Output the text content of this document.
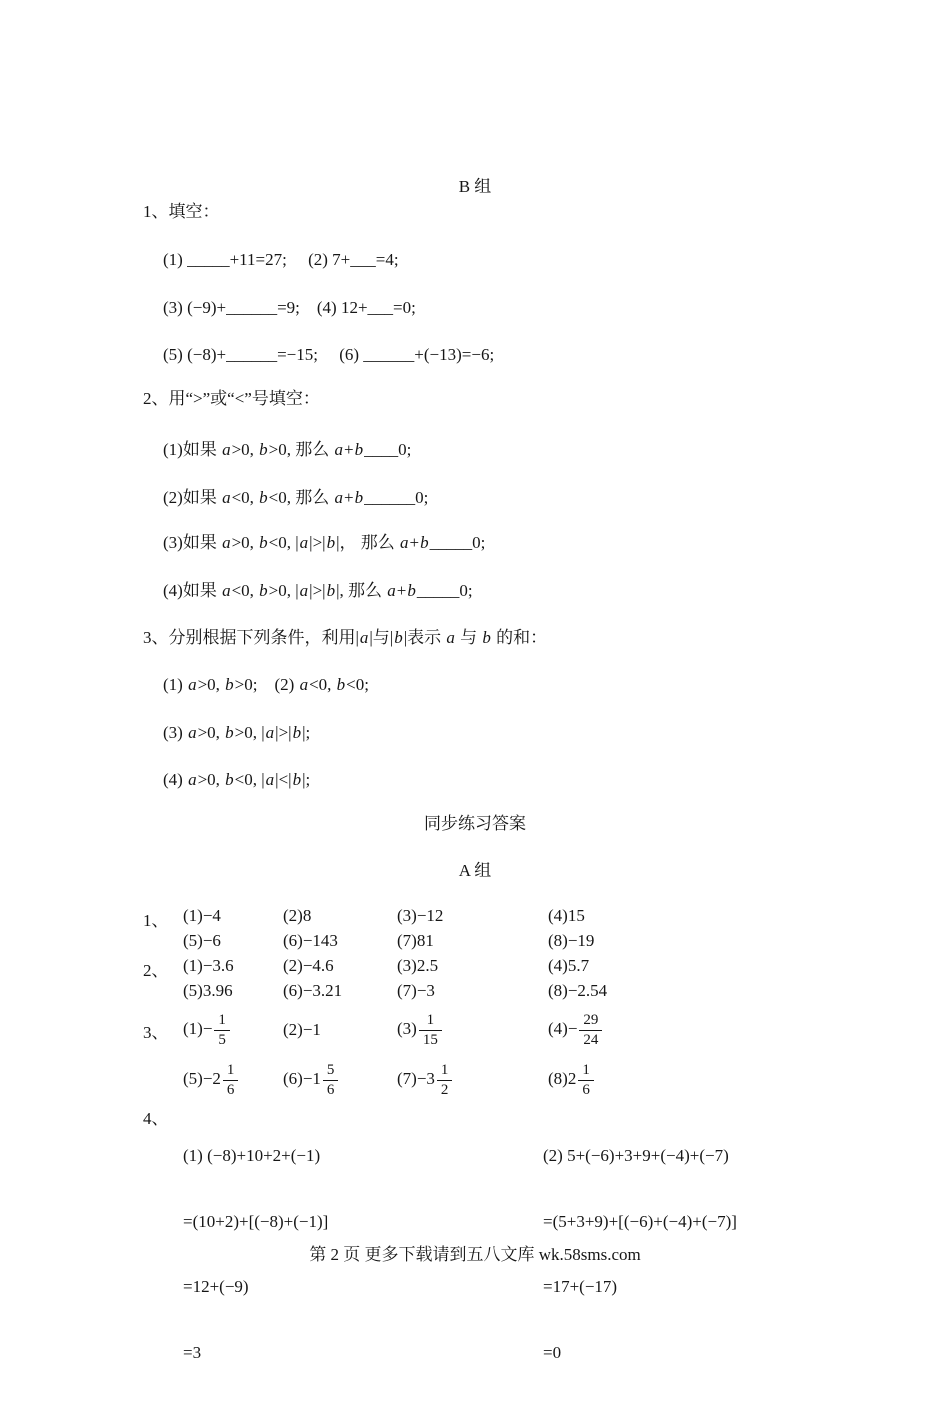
B 组
1、填空：
(1) _____+11=27;　 (2) 7+___=4;
(3) (−9)+______=9;　(4) 12+___=0;
(5) (−8)+______=−15;　 (6) ______+(−13)=−6;
2、用“>”或“<”号填空：
(1)如果 a>0, b>0, 那么 a+b____0;
(2)如果 a<0, b<0, 那么 a+b______0;
(3)如果 a>0, b<0, |a|>|b|， 那么 a+b_____0;
(4)如果 a<0, b>0, |a|>|b|, 那么 a+b_____0;
3、分别根据下列条件，利用|a|与|b|表示 a 与 b 的和：
(1) a>0, b>0;　(2) a<0, b<0;
(3) a>0, b>0, |a|>|b|;
(4) a>0, b<0, |a|<|b|;
同步练习答案
A 组
1、 (1)−4	(2)8	(3)−12	(4)15
(5)−6	(6)−143	(7)81	(8)−19
2、 (1)−3.6	(2)−4.6	(3)2.5	(4)5.7
(5)3.96	(6)−3.21	(7)−3	(8)−2.54
3、 $(1)- \frac{1}{5}$	(2)−1	$(3) \frac{1}{15}$	$(4)- \frac{29}{24}$
$(5)-2 \frac{1}{6}$	$(6)-1 \frac{5}{6}$	$(7)-3 \frac{1}{2}$	$(8)2 \frac{1}{6}$
4、

(1) (−8)+10+2+(−1)

=(10+2)+[(−8)+(−1)]

=12+(−9)

=3

(2) 5+(−6)+3+9+(−4)+(−7)

=(5+3+9)+[(−6)+(−4)+(−7)]

=17+(−17)

=0

第 2 页 更多下载请到五八文库 wk.58sms.com
